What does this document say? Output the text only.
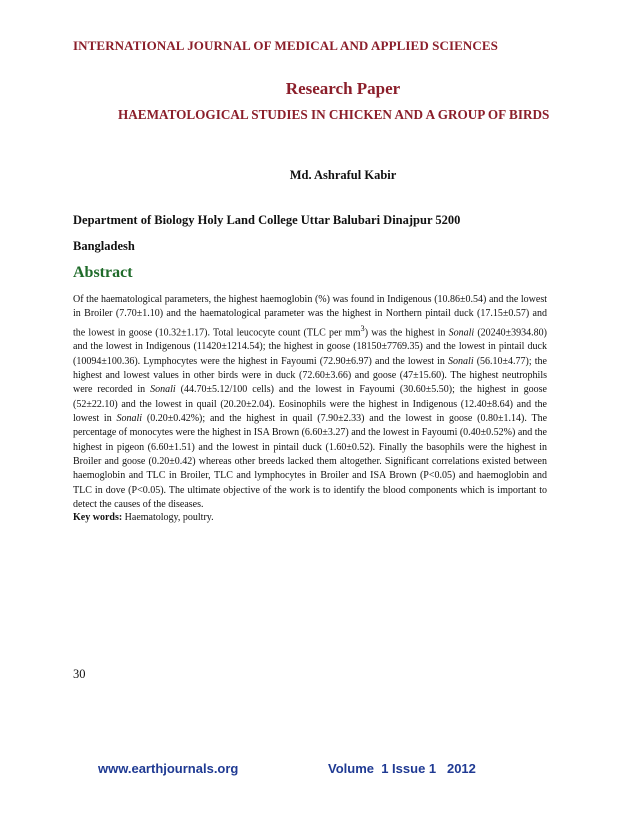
INTERNATIONAL JOURNAL OF MEDICAL AND APPLIED SCIENCES
Research Paper
HAEMATOLOGICAL STUDIES IN CHICKEN AND A GROUP OF BIRDS
Md. Ashraful Kabir
Department of Biology Holy Land College Uttar Balubari Dinajpur 5200
Bangladesh
Abstract

Of the haematological parameters, the highest haemoglobin (%) was found in Indigenous (10.86±0.54) and the lowest in Broiler (7.70±1.10) and the haematological parameter was the highest in Northern pintail duck (17.15±0.57) and the lowest in goose (10.32±1.17). Total leucocyte count (TLC per $mm^3$) was the highest in Sonali (20240±3934.80) and the lowest in Indigenous (11420±1214.54); the highest in goose (18150±7769.35) and the lowest in pintail duck (10094±100.36). Lymphocytes were the highest in Fayoumi (72.90±6.97) and the lowest in Sonali (56.10±4.77); the highest and lowest values in other birds were in duck (72.60±3.66) and goose (47±15.60). The highest neutrophils were recorded in Sonali (44.70±5.12/100 cells) and the lowest in Fayoumi (30.60±5.50); the highest in goose (52±22.10) and the lowest in quail (20.20±2.04). Eosinophils were the highest in Indigenous (12.40±8.64) and the lowest in Sonali (0.20±0.42%); and the highest in quail (7.90±2.33) and the lowest in goose (0.80±1.14). The percentage of monocytes were the highest in ISA Brown (6.60±3.27) and the lowest in Fayoumi (0.40±0.52%) and the highest in pigeon (6.60±1.51) and the lowest in pintail duck (1.60±0.52). Finally the basophils were the highest in Broiler and goose (0.20±0.42) whereas other breeds lacked them altogether. Significant correlations existed between haemoglobin and TLC in Broiler, TLC and lymphocytes in Broiler and ISA Brown (P<0.05) and haemoglobin and TLC in dove (P<0.05). The ultimate objective of the work is to identify the blood components which is important to detect the causes of the diseases.

Key words: Haematology, poultry.
30
www.earthjournals.org	Volume  1 Issue 1   2012
